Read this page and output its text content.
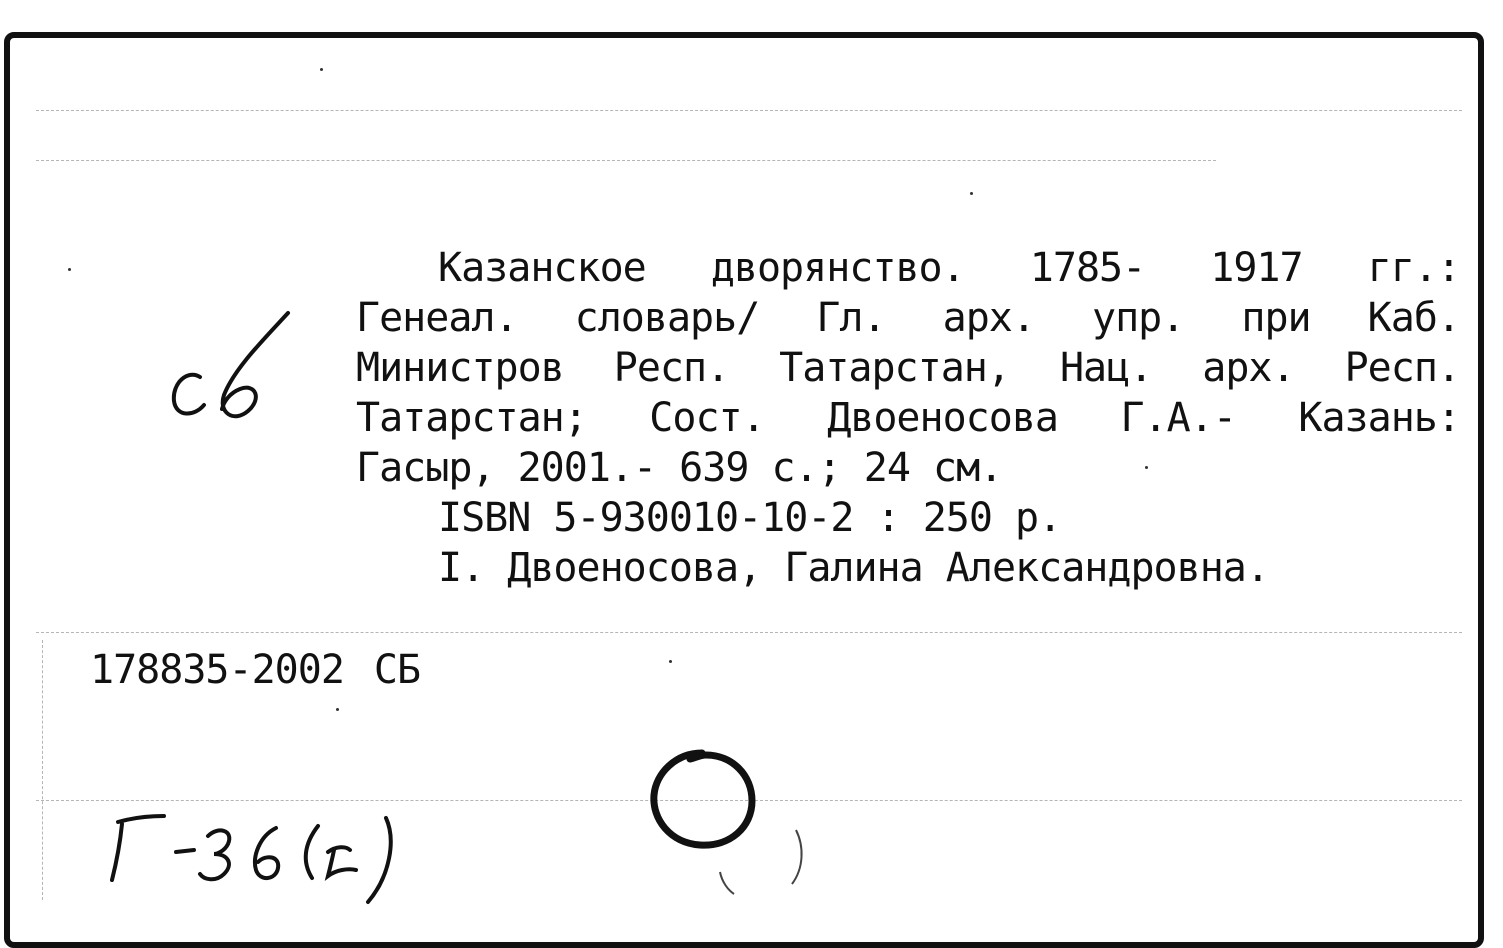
Казанское дворянство. 1785- 1917 гг.:
Генеал. словарь/ Гл. арх. упр. при Каб.
Министров Респ. Татарстан, Нац. арх. Респ.
Татарстан; Сост. Двоеносова Г.А.- Казань:
Гасыр, 2001.- 639 с.; 24 см.
ISBN 5-930010-10-2 : 250 р.
I. Двоеносова, Галина Александровна.
178835-2002 СБ
